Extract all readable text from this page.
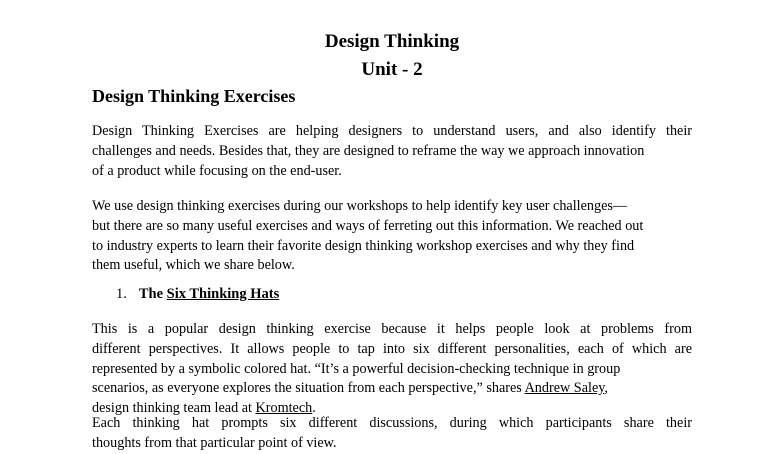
Design Thinking
Unit - 2
Design Thinking Exercises
Design Thinking Exercises are helping designers to understand users, and also identify their
challenges and needs. Besides that, they are designed to reframe the way we approach innovation
of a product while focusing on the end-user.
We use design thinking exercises during our workshops to help identify key user challenges—
but there are so many useful exercises and ways of ferreting out this information. We reached out
to industry experts to learn their favorite design thinking workshop exercises and why they find
them useful, which we share below.
1. The Six Thinking Hats
This is a popular design thinking exercise because it helps people look at problems from
different perspectives. It allows people to tap into six different personalities, each of which are
represented by a symbolic colored hat. “It’s a powerful decision-checking technique in group
scenarios, as everyone explores the situation from each perspective,” shares Andrew Saley,
design thinking team lead at Kromtech.
Each thinking hat prompts six different discussions, during which participants share their
thoughts from that particular point of view.
